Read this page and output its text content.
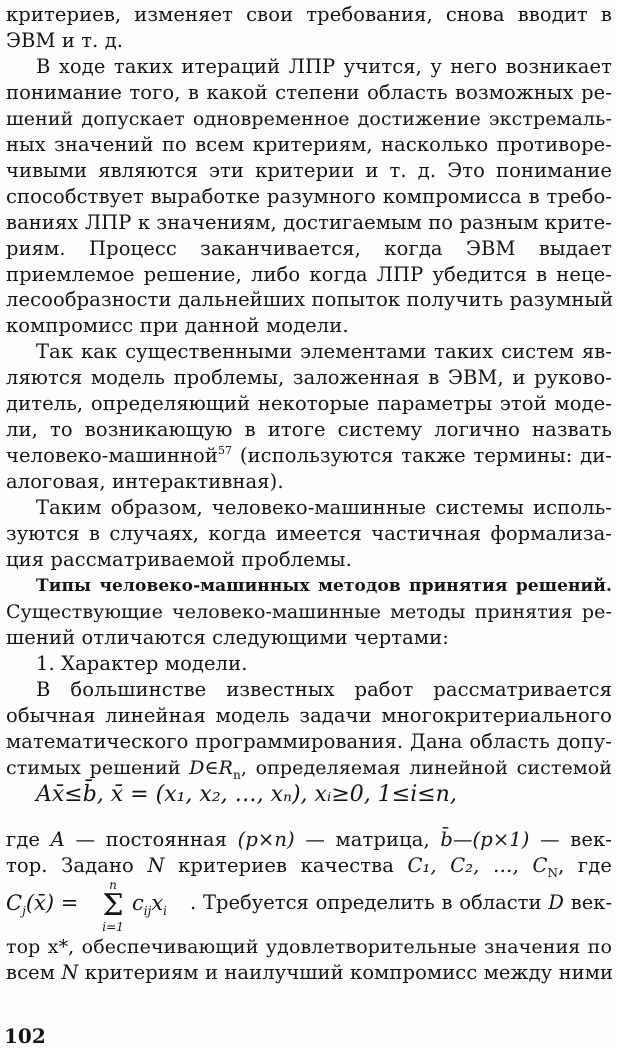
критериев, изменяет свои требования, снова вводит в
ЭВМ и т. д.
В ходе таких итераций ЛПР учится, у него возникает
понимание того, в какой степени область возможных ре-
шений допускает одновременное достижение экстремаль-
ных значений по всем критериям, насколько противоре-
чивыми являются эти критерии и т. д. Это понимание
способствует выработке разумного компромисса в требо-
ваниях ЛПР к значениям, достигаемым по разным крите-
риям. Процесс заканчивается, когда ЭВМ выдает
приемлемое решение, либо когда ЛПР убедится в неце-
лесообразности дальнейших попыток получить разумный
компромисс при данной модели.
Так как существенными элементами таких систем яв-
ляются модель проблемы, заложенная в ЭВМ, и руково-
дитель, определяющий некоторые параметры этой моде-
ли, то возникающую в итоге систему логично назвать
человеко-машинной$^{57}$ (используются также термины: ди-
алоговая, интерактивная).
Таким образом, человеко-машинные системы исполь-
зуются в случаях, когда имеется частичная формализа-
ция рассматриваемой проблемы.
Типы человеко-машинных методов принятия решений.
Существующие человеко-машинные методы принятия ре-
шений отличаются следующими чертами:
1. Характер модели.
В большинстве известных работ рассматривается
обычная линейная модель задачи многокритериального
математического программирования. Дана область допу-
стимых решений $D\in R_n$, определяемая линейной системой
Ax̄≤b̄, x̄ = (x₁, x₂, …, xₙ), xᵢ≥0, 1≤i≤n,
где A — постоянная (p×n) — матрица, b̄—(p×1) — век-
тор. Задано N критериев качества C₁, C₂, …, $C_N$, где
$C_j(x̄)$ =
n
Σ
i=1
$c_{ij}x_i$ . Требуется определить в области D век-
тор x*, обеспечивающий удовлетворительные значения по
всем N критериям и наилучший компромисс между ними
102
